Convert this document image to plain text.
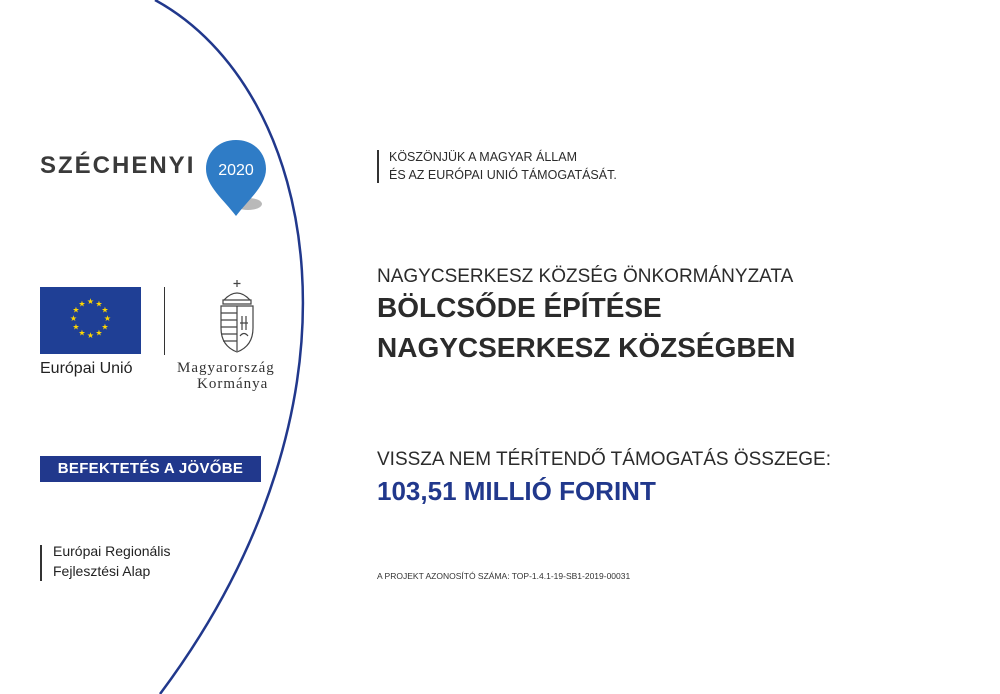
SZÉCHENYI 2020
★ ★
★
★
★
★
★
★
★
★
★
★
Európai Unió	Magyarország
Kormánya
BEFEKTETÉS A JÖVŐBE
Európai Regionális
Fejlesztési Alap
KÖSZÖNJÜK A MAGYAR ÁLLAM
ÉS AZ EURÓPAI UNIÓ TÁMOGATÁSÁT.
NAGYCSERKESZ KÖZSÉG ÖNKORMÁNYZATA
BÖLCSŐDE ÉPÍTÉSE
NAGYCSERKESZ KÖZSÉGBEN
VISSZA NEM TÉRÍTENDŐ TÁMOGATÁS ÖSSZEGE:
103,51 MILLIÓ FORINT
A PROJEKT AZONOSÍTÓ SZÁMA: TOP-1.4.1-19-SB1-2019-00031
